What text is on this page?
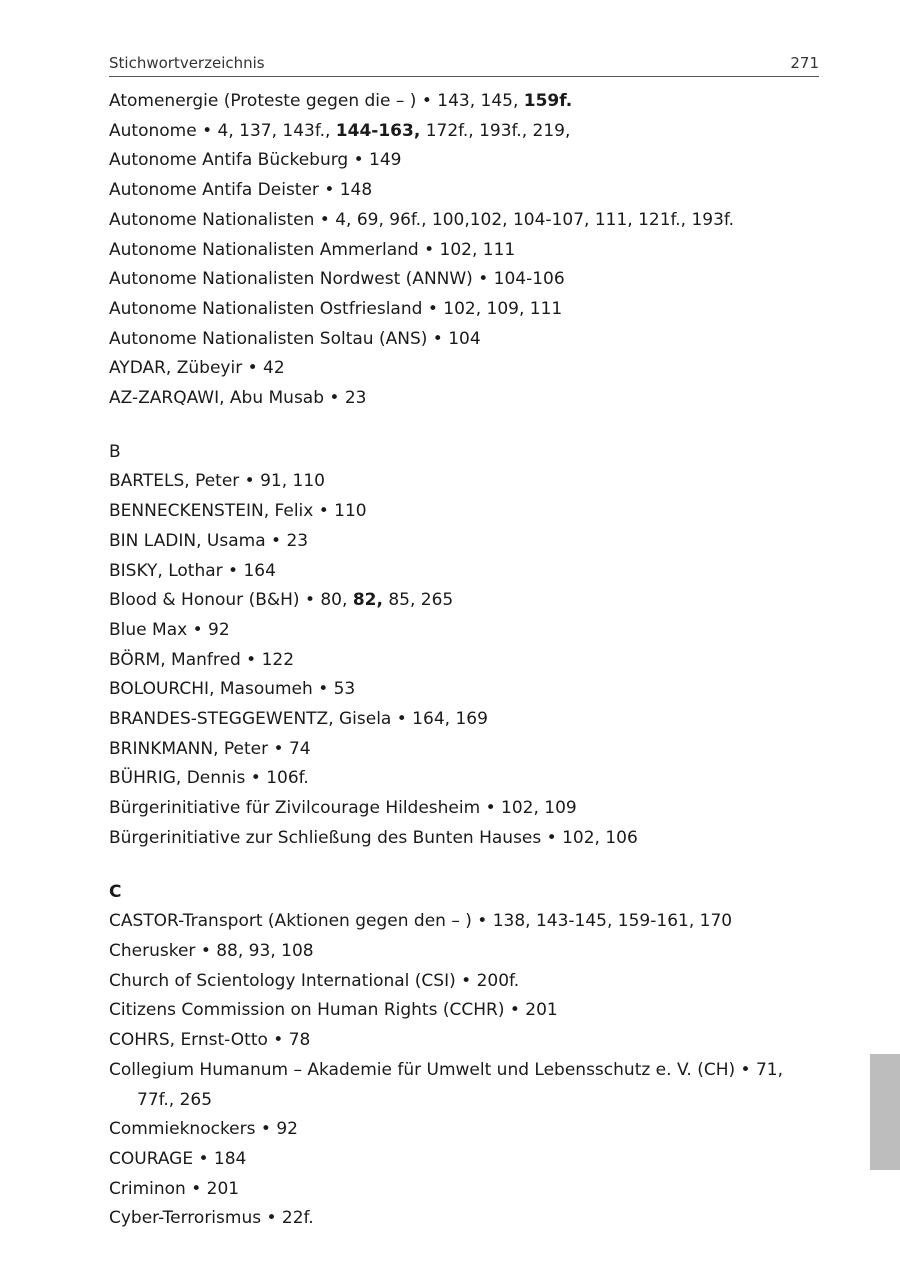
Stichwortverzeichnis	271
Atomenergie (Proteste gegen die – ) • 143, 145, 159f.
Autonome • 4, 137, 143f., 144-163, 172f., 193f., 219,
Autonome Antifa Bückeburg • 149
Autonome Antifa Deister • 148
Autonome Nationalisten • 4, 69, 96f., 100,102, 104-107, 111, 121f., 193f.
Autonome Nationalisten Ammerland • 102, 111
Autonome Nationalisten Nordwest (ANNW) • 104-106
Autonome Nationalisten Ostfriesland • 102, 109, 111
Autonome Nationalisten Soltau (ANS) • 104
AYDAR, Zübeyir • 42
AZ-ZARQAWI, Abu Musab • 23
B
BARTELS, Peter • 91, 110
BENNECKENSTEIN, Felix • 110
BIN LADIN, Usama • 23
BISKY, Lothar • 164
Blood & Honour (B&H) • 80, 82, 85, 265
Blue Max • 92
BÖRM, Manfred • 122
BOLOURCHI, Masoumeh • 53
BRANDES-STEGGEWENTZ, Gisela • 164, 169
BRINKMANN, Peter • 74
BÜHRIG, Dennis • 106f.
Bürgerinitiative für Zivilcourage Hildesheim • 102, 109
Bürgerinitiative zur Schließung des Bunten Hauses • 102, 106
C
CASTOR-Transport (Aktionen gegen den – ) • 138, 143-145, 159-161, 170
Cherusker • 88, 93, 108
Church of Scientology International (CSI) • 200f.
Citizens Commission on Human Rights (CCHR) • 201
COHRS, Ernst-Otto • 78
Collegium Humanum – Akademie für Umwelt und Lebensschutz e. V. (CH) • 71, 77f., 265
Commieknockers • 92
COURAGE • 184
Criminon • 201
Cyber-Terrorismus • 22f.
